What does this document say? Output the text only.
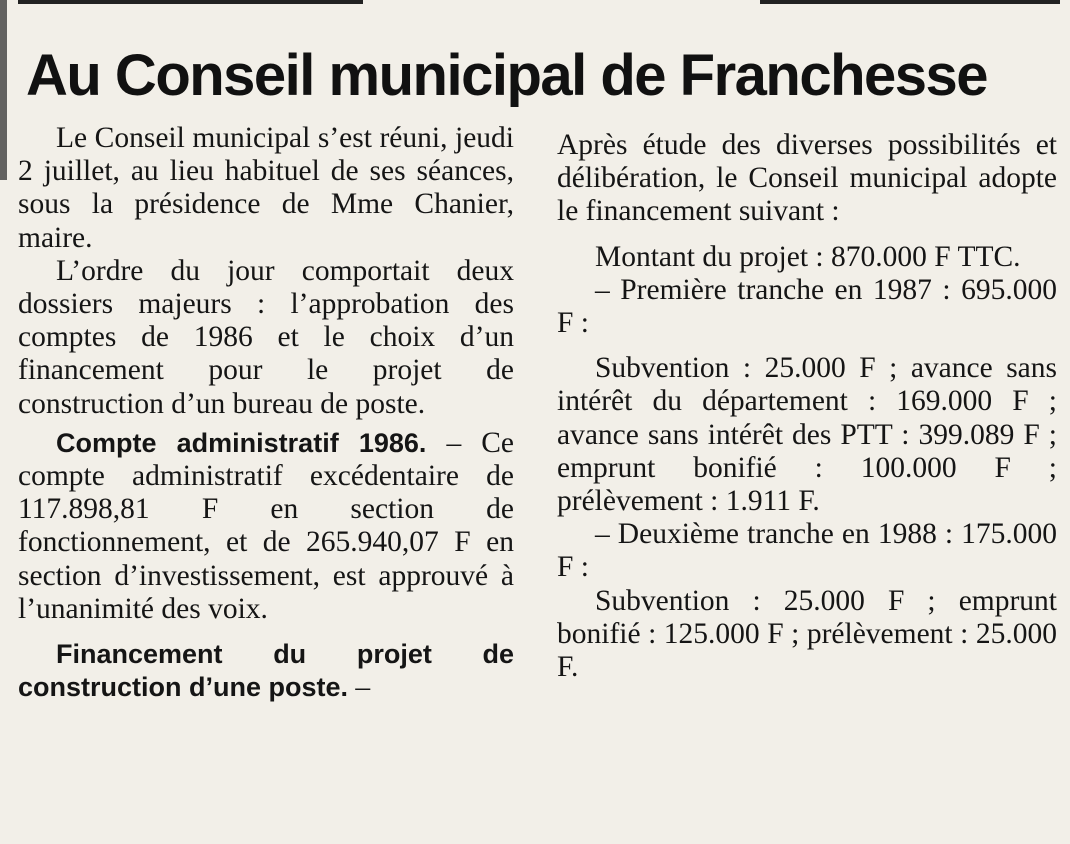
Au Conseil municipal de Franchesse

Le Conseil municipal s’est réuni, jeudi 2 juillet, au lieu habituel de ses séances, sous la présidence de Mme Chanier, maire.

L’ordre du jour comportait deux dossiers majeurs : l’approbation des comptes de 1986 et le choix d’un financement pour le projet de construction d’un bureau de poste.

Compte administratif 1986. – Ce compte administratif excédentaire de 117.898,81 F en section de fonctionnement, et de 265.940,07 F en section d’investissement, est approuvé à l’unanimité des voix.

Financement du projet de construction d’une poste. –

Après étude des diverses possibilités et délibération, le Conseil municipal adopte le financement suivant :

Montant du projet : 870.000 F TTC.

– Première tranche en 1987 : 695.000 F :

Subvention : 25.000 F ; avance sans intérêt du département : 169.000 F ; avance sans intérêt des PTT : 399.089 F ; emprunt bonifié : 100.000 F ; prélèvement : 1.911 F.

– Deuxième tranche en 1988 : 175.000 F :

Subvention : 25.000 F ; emprunt bonifié : 125.000 F ; prélèvement : 25.000 F.
